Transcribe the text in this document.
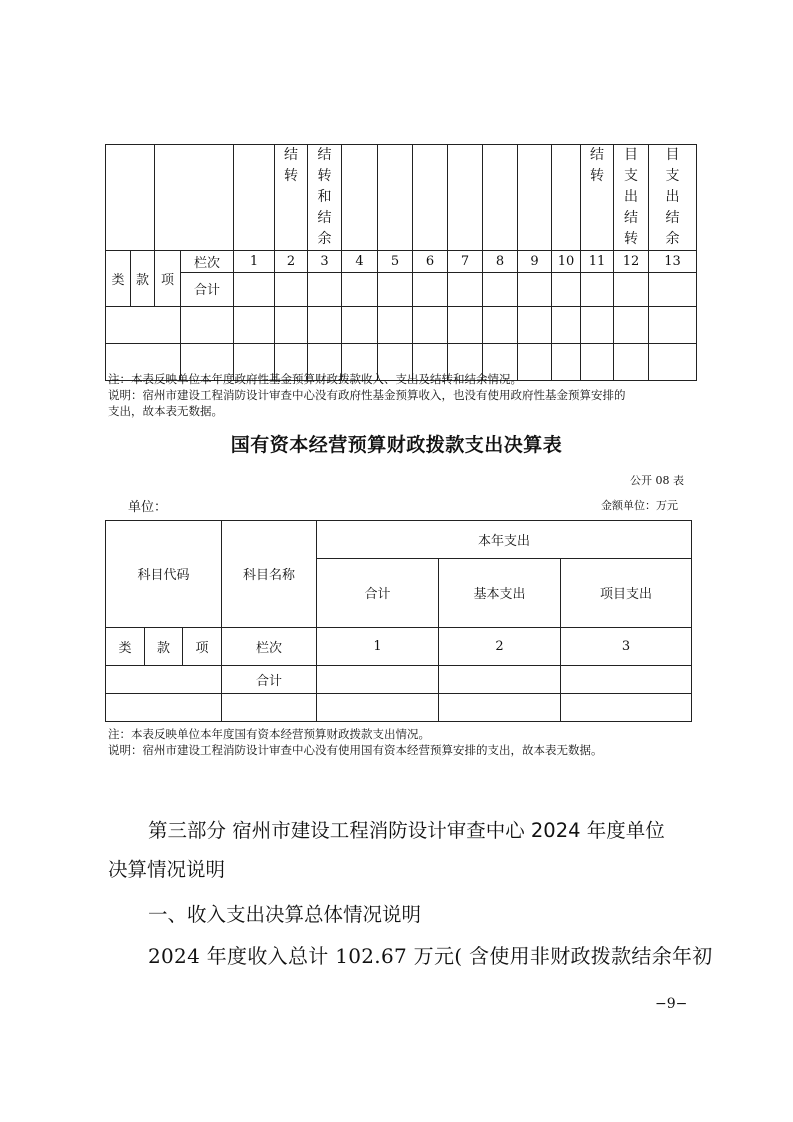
					结转	结转和结余								结转	目支出结转	目支出结余

类	款	项	栏次	1	2	3	4	5	6	7	8	9	10	11	12	13
			合计													

注：本表反映单位本年度政府性基金预算财政拨款收入、支出及结转和结余情况。

说明：宿州市建设工程消防设计审查中心没有政府性基金预算收入，也没有使用政府性基金预算安排的

支出，故本表无数据。

国有资本经营预算财政拨款支出决算表
公开 08 表
单位：	金额单位：万元
科目代码			科目名称	本年支出		
				合计	基本支出	项目支出
类	款	项	栏次	1	2	3
			合计			

注：本表反映单位本年度国有资本经营预算财政拨款支出情况。

说明：宿州市建设工程消防设计审查中心没有使用国有资本经营预算安排的支出，故本表无数据。

第三部分 宿州市建设工程消防设计审查中心 2024 年度单位

决算情况说明

一、收入支出决算总体情况说明

2024 年度收入总计 102.67 万元( 含使用非财政拨款结余年初

−9−
